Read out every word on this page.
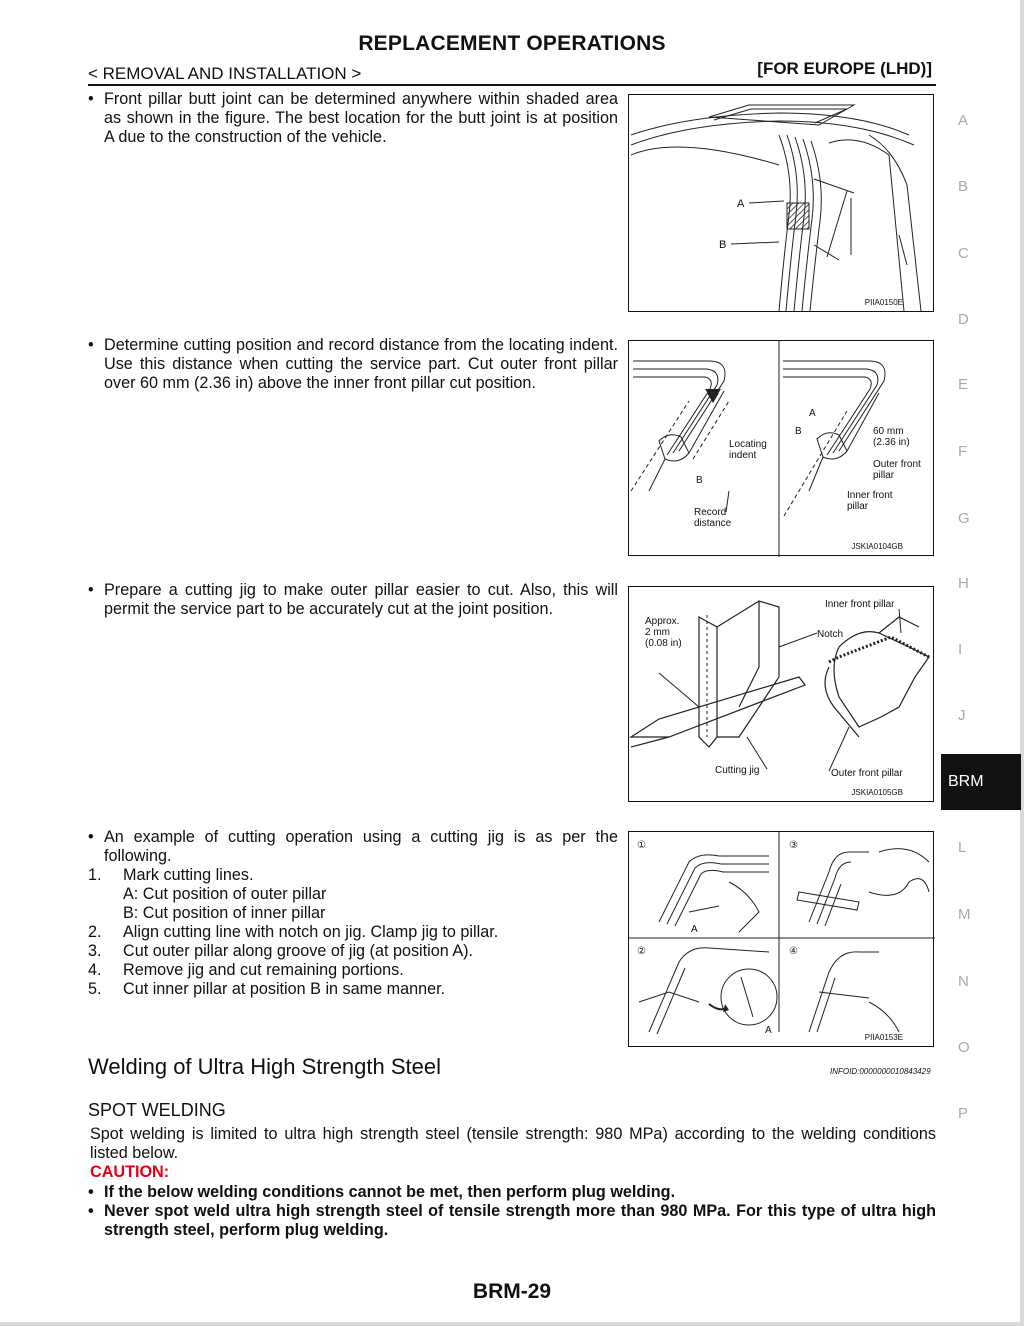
REPLACEMENT OPERATIONS
< REMOVAL AND INSTALLATION >	[FOR EUROPE (LHD)]
• Front pillar butt joint can be determined anywhere within shaded area as shown in the figure. The best location for the butt joint is at position A due to the construction of the vehicle.
A
B
PIIA0150E
• Determine cutting position and record distance from the locating indent. Use this distance when cutting the service part. Cut outer front pillar over 60 mm (2.36 in) above the inner front pillar cut position.
Locating
indent
B
Record
distance
A
B	60 mm
(2.36 in)
Outer front
pillar
Inner front
pillar
JSKIA0104GB
• Prepare a cutting jig to make outer pillar easier to cut. Also, this will permit the service part to be accurately cut at the joint position.
Approx.
2 mm
(0.08 in)
Inner front pillar
Notch
Cutting jig	Outer front pillar
JSKIA0105GB
• An example of cutting operation using a cutting jig is as per the following.
1.	Mark cutting lines.
A: Cut position of outer pillar
B: Cut position of inner pillar
2.	Align cutting line with notch on jig. Clamp jig to pillar.
3.	Cut outer pillar along groove of jig (at position A).
4.	Remove jig and cut remaining portions.
5.	Cut inner pillar at position B in same manner.
①	③
②	④
A
A
PIIA0153E
Welding of Ultra High Strength Steel	INFOID:0000000010843429
SPOT WELDING
Spot welding is limited to ultra high strength steel (tensile strength: 980 MPa) according to the welding conditions listed below.
CAUTION:
• If the below welding conditions cannot be met, then perform plug welding.
• Never spot weld ultra high strength steel of tensile strength more than 980 MPa. For this type of ultra high strength steel, perform plug welding.
A
B
C
D
E
F
G
H
I
J
L
M
N
O
P
BRM
BRM-29
